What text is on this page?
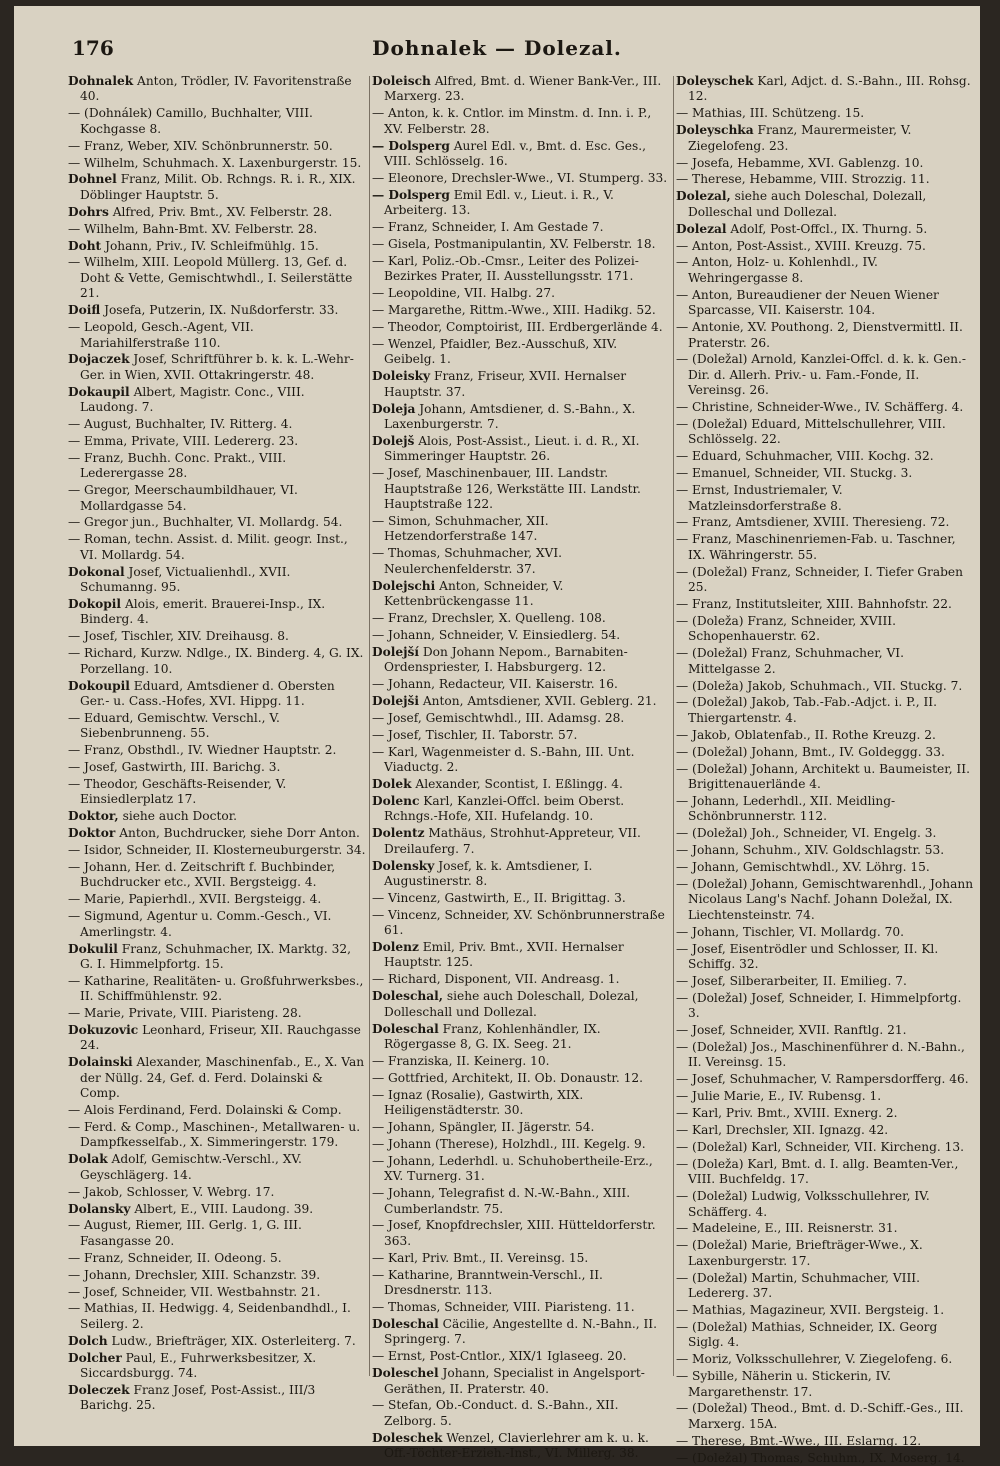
176	Dohnalek — Dolezal.

Dohnalek Anton, Trödler, IV. Favoritenstraße 40.

— (Dohnálek) Camillo, Buchhalter, VIII. Kochgasse 8.

— Franz, Weber, XIV. Schönbrunnerstr. 50.

— Wilhelm, Schuhmach. X. Laxenburgerstr. 15.

Dohnel Franz, Milit. Ob. Rchngs. R. i. R., XIX. Döblinger Hauptstr. 5.

Dohrs Alfred, Priv. Bmt., XV. Felberstr. 28.

— Wilhelm, Bahn-Bmt. XV. Felberstr. 28.

Doht Johann, Priv., IV. Schleifmühlg. 15.

— Wilhelm, XIII. Leopold Müllerg. 13, Gef. d. Doht & Vette, Gemischtwhdl., I. Seilerstätte 21.

Doifl Josefa, Putzerin, IX. Nußdorferstr. 33.

— Leopold, Gesch.-Agent, VII. Mariahilferstraße 110.

Dojaczek Josef, Schriftführer b. k. k. L.-Wehr-Ger. in Wien, XVII. Ottakringerstr. 48.

Dokaupil Albert, Magistr. Conc., VIII. Laudong. 7.

— August, Buchhalter, IV. Ritterg. 4.

— Emma, Private, VIII. Ledererg. 23.

— Franz, Buchh. Conc. Prakt., VIII. Lederergasse 28.

— Gregor, Meerschaumbildhauer, VI. Mollardgasse 54.

— Gregor jun., Buchhalter, VI. Mollardg. 54.

— Roman, techn. Assist. d. Milit. geogr. Inst., VI. Mollardg. 54.

Dokonal Josef, Victualienhdl., XVII. Schumanng. 95.

Dokopil Alois, emerit. Brauerei-Insp., IX. Binderg. 4.

— Josef, Tischler, XIV. Dreihausg. 8.

— Richard, Kurzw. Ndlge., IX. Binderg. 4, G. IX. Porzellang. 10.

Dokoupil Eduard, Amtsdiener d. Obersten Ger.- u. Cass.-Hofes, XVI. Hippg. 11.

— Eduard, Gemischtw. Verschl., V. Siebenbrunneng. 55.

— Franz, Obsthdl., IV. Wiedner Hauptstr. 2.

— Josef, Gastwirth, III. Barichg. 3.

— Theodor, Geschäfts-Reisender, V. Einsiedlerplatz 17.

Doktor, siehe auch Doctor.

Doktor Anton, Buchdrucker, siehe Dorr Anton.

— Isidor, Schneider, II. Klosterneuburgerstr. 34.

— Johann, Her. d. Zeitschrift f. Buchbinder, Buchdrucker etc., XVII. Bergsteigg. 4.

— Marie, Papierhdl., XVII. Bergsteigg. 4.

— Sigmund, Agentur u. Comm.-Gesch., VI. Amerlingstr. 4.

Dokulil Franz, Schuhmacher, IX. Marktg. 32, G. I. Himmelpfortg. 15.

— Katharine, Realitäten- u. Großfuhrwerksbes., II. Schiffmühlenstr. 92.

— Marie, Private, VIII. Piaristeng. 28.

Dokuzovic Leonhard, Friseur, XII. Rauchgasse 24.

Dolainski Alexander, Maschinenfab., E., X. Van der Nüllg. 24, Gef. d. Ferd. Dolainski & Comp.

— Alois Ferdinand, Ferd. Dolainski & Comp.

— Ferd. & Comp., Maschinen-, Metallwaren- u. Dampfkesselfab., X. Simmeringerstr. 179.

Dolak Adolf, Gemischtw.-Verschl., XV. Geyschlägerg. 14.

— Jakob, Schlosser, V. Webrg. 17.

Dolansky Albert, E., VIII. Laudong. 39.

— August, Riemer, III. Gerlg. 1, G. III. Fasangasse 20.

— Franz, Schneider, II. Odeong. 5.

— Johann, Drechsler, XIII. Schanzstr. 39.

— Josef, Schneider, VII. Westbahnstr. 21.

— Mathias, II. Hedwigg. 4, Seidenbandhdl., I. Seilerg. 2.

Dolch Ludw., Briefträger, XIX. Osterleiterg. 7.

Dolcher Paul, E., Fuhrwerksbesitzer, X. Siccardsburgg. 74.

Doleczek Franz Josef, Post-Assist., III/3 Barichg. 25.

Doleisch Alfred, Bmt. d. Wiener Bank-Ver., III. Marxerg. 23.

— Anton, k. k. Cntlor. im Minstm. d. Inn. i. P., XV. Felberstr. 28.

— Dolsperg Aurel Edl. v., Bmt. d. Esc. Ges., VIII. Schlösselg. 16.

— Eleonore, Drechsler-Wwe., VI. Stumperg. 33.

— Dolsperg Emil Edl. v., Lieut. i. R., V. Arbeiterg. 13.

— Franz, Schneider, I. Am Gestade 7.

— Gisela, Postmanipulantin, XV. Felberstr. 18.

— Karl, Poliz.-Ob.-Cmsr., Leiter des Polizei-Bezirkes Prater, II. Ausstellungsstr. 171.

— Leopoldine, VII. Halbg. 27.

— Margarethe, Rittm.-Wwe., XIII. Hadikg. 52.

— Theodor, Comptoirist, III. Erdbergerlände 4.

— Wenzel, Pfaidler, Bez.-Ausschuß, XIV. Geibelg. 1.

Doleisky Franz, Friseur, XVII. Hernalser Hauptstr. 37.

Doleja Johann, Amtsdiener, d. S.-Bahn., X. Laxenburgerstr. 7.

Dolejš Alois, Post-Assist., Lieut. i. d. R., XI. Simmeringer Hauptstr. 26.

— Josef, Maschinenbauer, III. Landstr. Hauptstraße 126, Werkstätte III. Landstr. Hauptstraße 122.

— Simon, Schuhmacher, XII. Hetzendorferstraße 147.

— Thomas, Schuhmacher, XVI. Neulerchenfelderstr. 37.

Dolejschi Anton, Schneider, V. Kettenbrückengasse 11.

— Franz, Drechsler, X. Quelleng. 108.

— Johann, Schneider, V. Einsiedlerg. 54.

Dolejší Don Johann Nepom., Barnabiten-Ordenspriester, I. Habsburgerg. 12.

— Johann, Redacteur, VII. Kaiserstr. 16.

Dolejši Anton, Amtsdiener, XVII. Geblerg. 21.

— Josef, Gemischtwhdl., III. Adamsg. 28.

— Josef, Tischler, II. Taborstr. 57.

— Karl, Wagenmeister d. S.-Bahn, III. Unt. Viaductg. 2.

Dolek Alexander, Scontist, I. Eßlingg. 4.

Dolenc Karl, Kanzlei-Offcl. beim Oberst. Rchngs.-Hofe, XII. Hufelandg. 10.

Dolentz Mathäus, Strohhut-Appreteur, VII. Dreilauferg. 7.

Dolensky Josef, k. k. Amtsdiener, I. Augustinerstr. 8.

— Vincenz, Gastwirth, E., II. Brigittag. 3.

— Vincenz, Schneider, XV. Schönbrunnerstraße 61.

Dolenz Emil, Priv. Bmt., XVII. Hernalser Hauptstr. 125.

— Richard, Disponent, VII. Andreasg. 1.

Doleschal, siehe auch Doleschall, Dolezal, Dolleschall und Dollezal.

Doleschal Franz, Kohlenhändler, IX. Rögergasse 8, G. IX. Seeg. 21.

— Franziska, II. Keinerg. 10.

— Gottfried, Architekt, II. Ob. Donaustr. 12.

— Ignaz (Rosalie), Gastwirth, XIX. Heiligenstädterstr. 30.

— Johann, Spängler, II. Jägerstr. 54.

— Johann (Therese), Holzhdl., III. Kegelg. 9.

— Johann, Lederhdl. u. Schuhobertheile-Erz., XV. Turnerg. 31.

— Johann, Telegrafist d. N.-W.-Bahn., XIII. Cumberlandstr. 75.

— Josef, Knopfdrechsler, XIII. Hütteldorferstr. 363.

— Karl, Priv. Bmt., II. Vereinsg. 15.

— Katharine, Branntwein-Verschl., II. Dresdnerstr. 113.

— Thomas, Schneider, VIII. Piaristeng. 11.

Doleschal Cäcilie, Angestellte d. N.-Bahn., II. Springerg. 7.

— Ernst, Post-Cntlor., XIX/1 Iglaseeg. 20.

Doleschel Johann, Specialist in Angelsport-Geräthen, II. Praterstr. 40.

— Stefan, Ob.-Conduct. d. S.-Bahn., XII. Zelborg. 5.

Doleschek Wenzel, Clavierlehrer am k. u. k. Off.-Töchter-Erzieh.-Inst., VI. Millerg. 38.

Doleyschek Karl, Adjct. d. S.-Bahn., III. Rohsg. 12.

— Mathias, III. Schützeng. 15.

Doleyschka Franz, Maurermeister, V. Ziegelofeng. 23.

— Josefa, Hebamme, XVI. Gablenzg. 10.

— Therese, Hebamme, VIII. Strozzig. 11.

Dolezal, siehe auch Doleschal, Dolezall, Dolleschal und Dollezal.

Dolezal Adolf, Post-Offcl., IX. Thurng. 5.

— Anton, Post-Assist., XVIII. Kreuzg. 75.

— Anton, Holz- u. Kohlenhdl., IV. Wehringergasse 8.

— Anton, Bureaudiener der Neuen Wiener Sparcasse, VII. Kaiserstr. 104.

— Antonie, XV. Pouthong. 2, Dienstvermittl. II. Praterstr. 26.

— (Doležal) Arnold, Kanzlei-Offcl. d. k. k. Gen.-Dir. d. Allerh. Priv.- u. Fam.-Fonde, II. Vereinsg. 26.

— Christine, Schneider-Wwe., IV. Schäfferg. 4.

— (Doležal) Eduard, Mittelschullehrer, VIII. Schlösselg. 22.

— Eduard, Schuhmacher, VIII. Kochg. 32.

— Emanuel, Schneider, VII. Stuckg. 3.

— Ernst, Industriemaler, V. Matzleinsdorferstraße 8.

— Franz, Amtsdiener, XVIII. Theresieng. 72.

— Franz, Maschinenriemen-Fab. u. Taschner, IX. Währingerstr. 55.

— (Doležal) Franz, Schneider, I. Tiefer Graben 25.

— Franz, Institutsleiter, XIII. Bahnhofstr. 22.

— (Doleža) Franz, Schneider, XVIII. Schopenhauerstr. 62.

— (Doležal) Franz, Schuhmacher, VI. Mittelgasse 2.

— (Doleža) Jakob, Schuhmach., VII. Stuckg. 7.

— (Doležal) Jakob, Tab.-Fab.-Adjct. i. P., II. Thiergartenstr. 4.

— Jakob, Oblatenfab., II. Rothe Kreuzg. 2.

— (Doležal) Johann, Bmt., IV. Goldeggg. 33.

— (Doležal) Johann, Architekt u. Baumeister, II. Brigittenauerlände 4.

— Johann, Lederhdl., XII. Meidling-Schönbrunnerstr. 112.

— (Doležal) Joh., Schneider, VI. Engelg. 3.

— Johann, Schuhm., XIV. Goldschlagstr. 53.

— Johann, Gemischtwhdl., XV. Löhrg. 15.

— (Doležal) Johann, Gemischtwarenhdl., Johann Nicolaus Lang's Nachf. Johann Doležal, IX. Liechtensteinstr. 74.

— Johann, Tischler, VI. Mollardg. 70.

— Josef, Eisentrödler und Schlosser, II. Kl. Schiffg. 32.

— Josef, Silberarbeiter, II. Emilieg. 7.

— (Doležal) Josef, Schneider, I. Himmelpfortg. 3.

— Josef, Schneider, XVII. Ranftlg. 21.

— (Doležal) Jos., Maschinenführer d. N.-Bahn., II. Vereinsg. 15.

— Josef, Schuhmacher, V. Rampersdorfferg. 46.

— Julie Marie, E., IV. Rubensg. 1.

— Karl, Priv. Bmt., XVIII. Exnerg. 2.

— Karl, Drechsler, XII. Ignazg. 42.

— (Doležal) Karl, Schneider, VII. Kircheng. 13.

— (Doleža) Karl, Bmt. d. I. allg. Beamten-Ver., VIII. Buchfeldg. 17.

— (Doležal) Ludwig, Volksschullehrer, IV. Schäfferg. 4.

— Madeleine, E., III. Reisnerstr. 31.

— (Doležal) Marie, Briefträger-Wwe., X. Laxenburgerstr. 17.

— (Doležal) Martin, Schuhmacher, VIII. Ledererg. 37.

— Mathias, Magazineur, XVII. Bergsteig. 1.

— (Doležal) Mathias, Schneider, IX. Georg Siglg. 4.

— Moriz, Volksschullehrer, V. Ziegelofeng. 6.

— Sybille, Näherin u. Stickerin, IV. Margarethenstr. 17.

— (Doležal) Theod., Bmt. d. D.-Schiff.-Ges., III. Marxerg. 15A.

— Therese, Bmt.-Wwe., III. Eslarng. 12.

— (Doležal) Thomas, Schuhm., IX. Moserg. 14.
